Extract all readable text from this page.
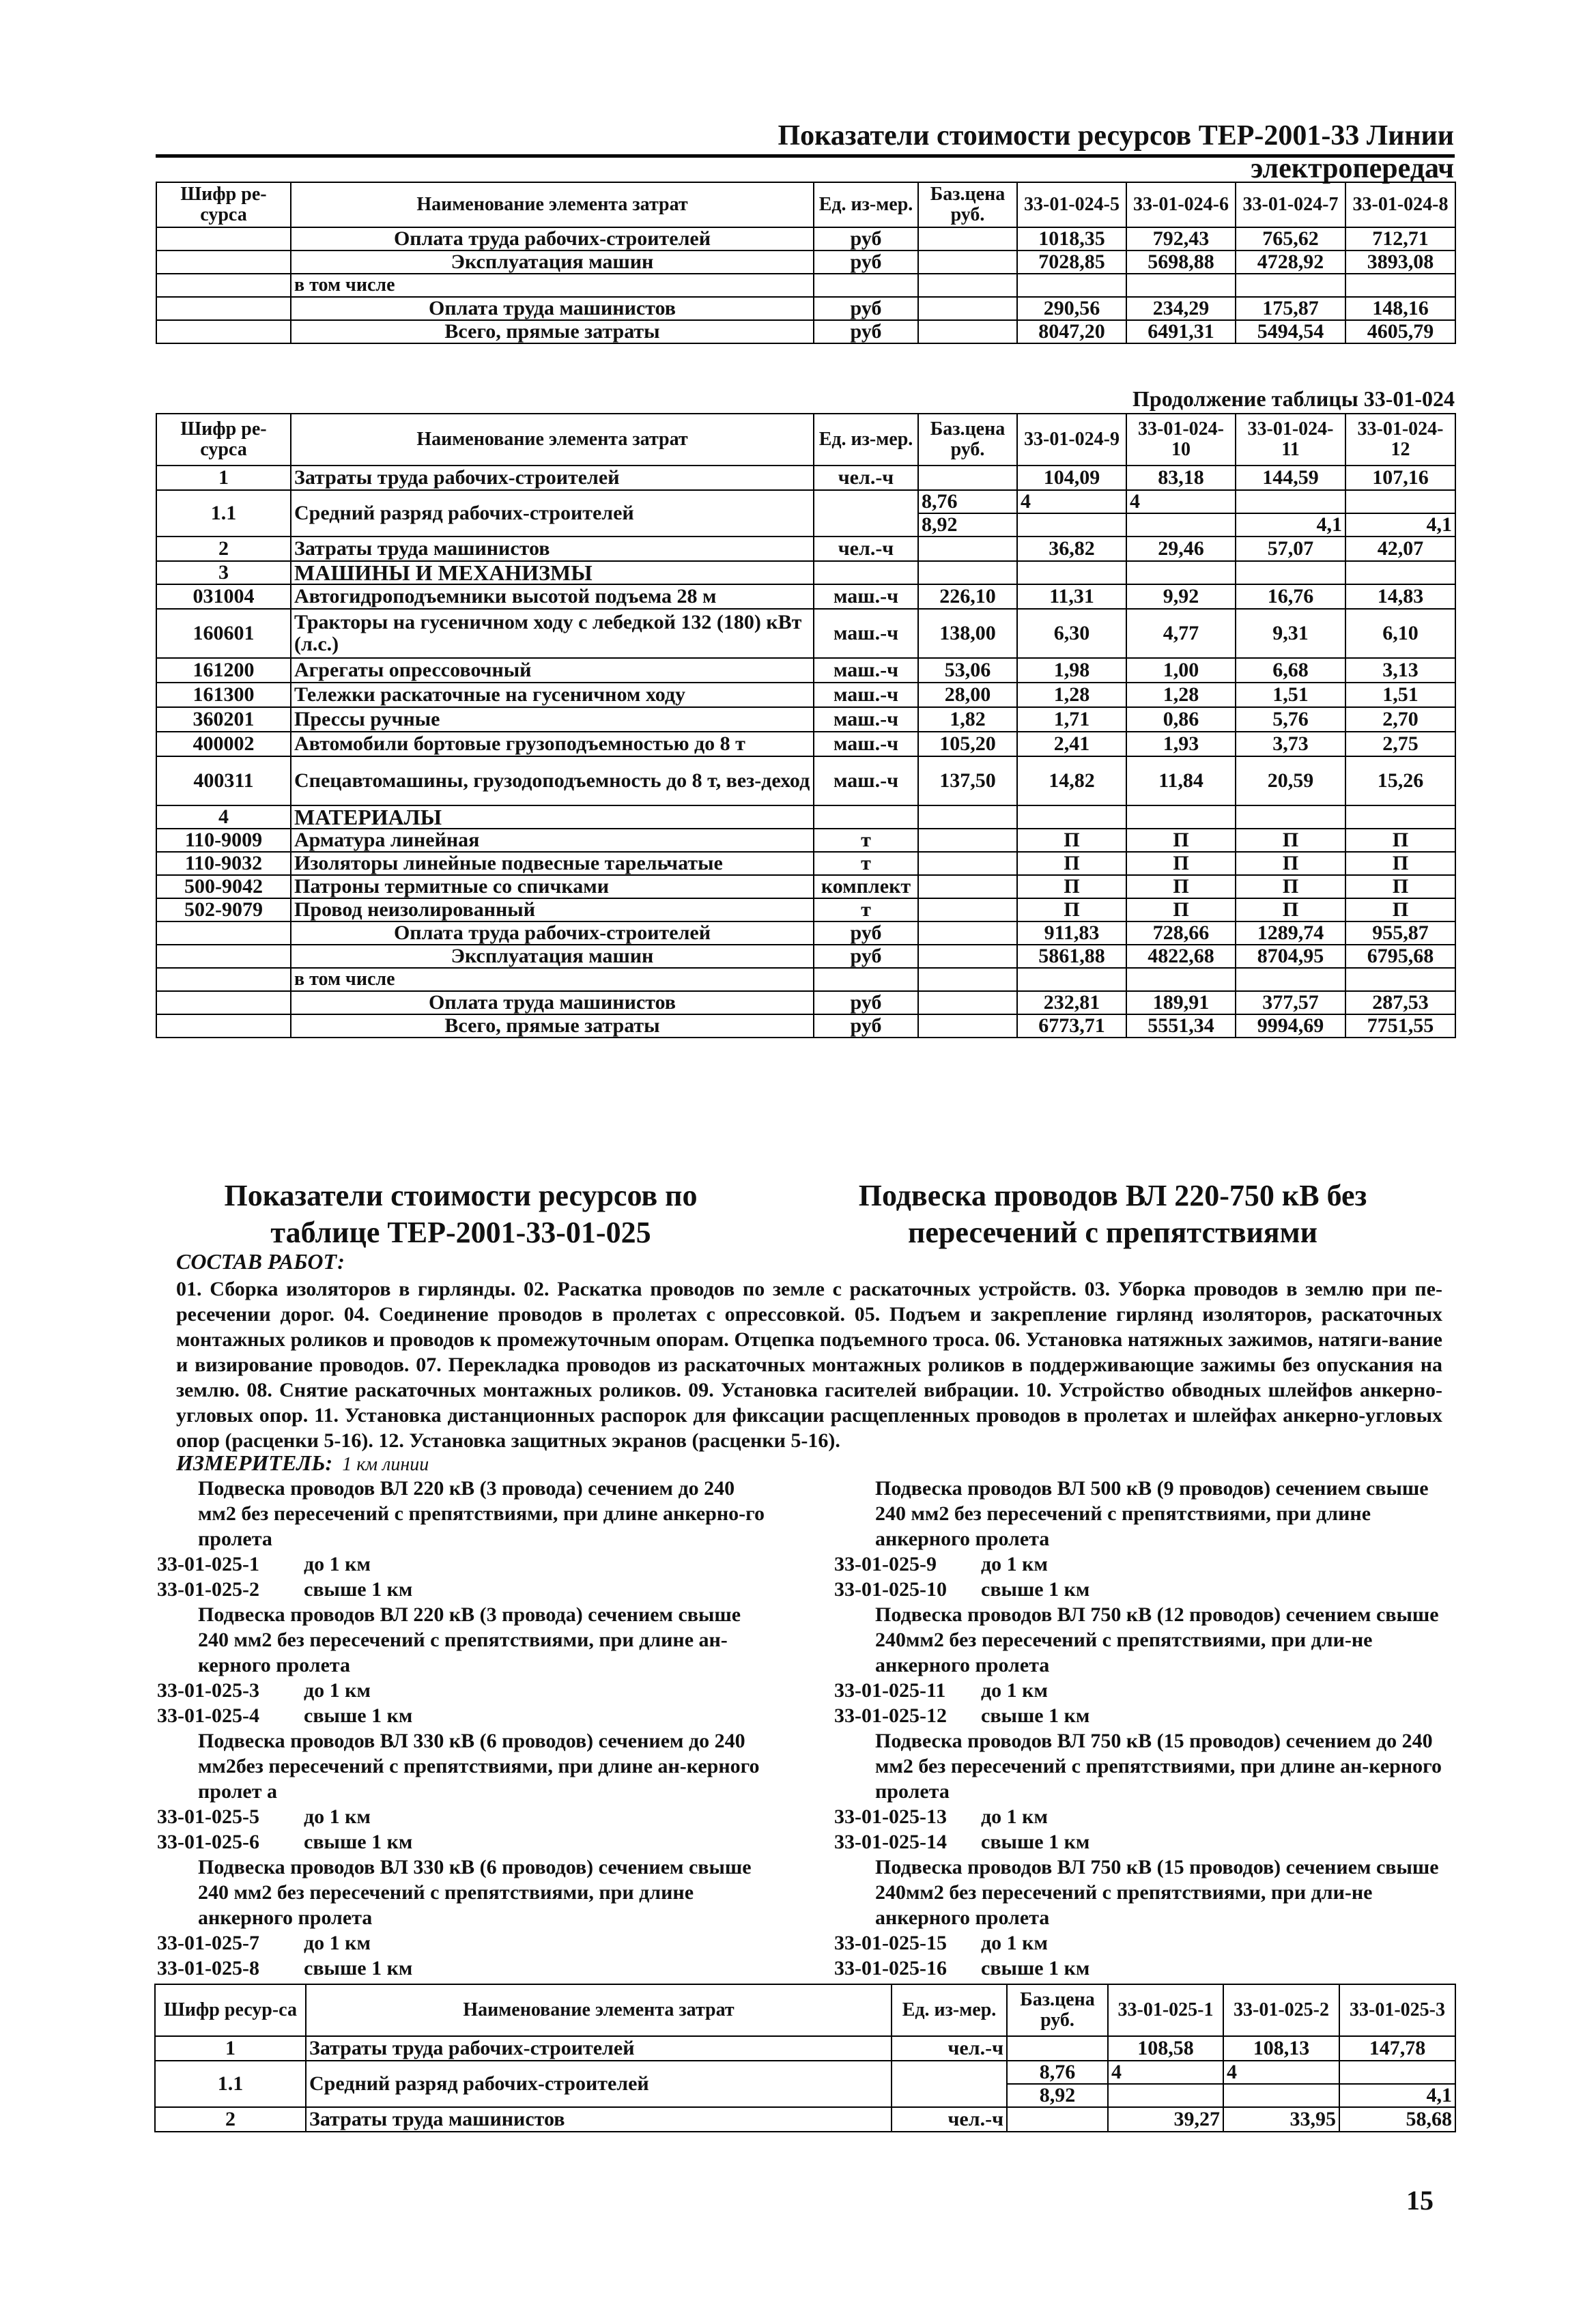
Показатели стоимости ресурсов ТЕР-2001-33 Линии электропередач
Шифр ре-сурса	Наименование элемента затрат	Ед. из-мер.	Баз.цена руб.	33-01-024-5	33-01-024-6	33-01-024-7	33-01-024-8
	Оплата труда рабочих-строителей	руб		1018,35	792,43	765,62	712,71
	Эксплуатация машин	руб		7028,85	5698,88	4728,92	3893,08
	в том числе						
	Оплата труда машинистов	руб		290,56	234,29	175,87	148,16
	Всего, прямые затраты	руб		8047,20	6491,31	5494,54	4605,79
Продолжение таблицы 33-01-024
Шифр ре-сурса	Наименование элемента затрат	Ед. из-мер.	Баз.цена руб.	33-01-024-9	33-01-024-10	33-01-024-11	33-01-024-12
1	Затраты труда рабочих-строителей	чел.-ч		104,09	83,18	144,59	107,16
1.1	Средний разряд рабочих-строителей		8,76	4	4		
			8,92			4,1	4,1
2	Затраты труда машинистов	чел.-ч		36,82	29,46	57,07	42,07
3	МАШИНЫ И МЕХАНИЗМЫ						
031004	Автогидроподъемники высотой подъема 28 м	маш.-ч	226,10	11,31	9,92	16,76	14,83
160601	Тракторы на гусеничном ходу с лебедкой 132 (180) кВт (л.с.)	маш.-ч	138,00	6,30	4,77	9,31	6,10
161200	Агрегаты опрессовочный	маш.-ч	53,06	1,98	1,00	6,68	3,13
161300	Тележки раскаточные на гусеничном ходу	маш.-ч	28,00	1,28	1,28	1,51	1,51
360201	Прессы ручные	маш.-ч	1,82	1,71	0,86	5,76	2,70
400002	Автомобили бортовые грузоподъемностью до 8 т	маш.-ч	105,20	2,41	1,93	3,73	2,75
400311	Спецавтомашины, грузодоподъемность до 8 т, вез-деход	маш.-ч	137,50	14,82	11,84	20,59	15,26
4	МАТЕРИАЛЫ						
110-9009	Арматура линейная	т		П	П	П	П
110-9032	Изоляторы линейные подвесные тарельчатые	т		П	П	П	П
500-9042	Патроны термитные со спичками	комплект		П	П	П	П
502-9079	Провод неизолированный	т		П	П	П	П
	Оплата труда рабочих-строителей	руб		911,83	728,66	1289,74	955,87
	Эксплуатация машин	руб		5861,88	4822,68	8704,95	6795,68
	в том числе						
	Оплата труда машинистов	руб		232,81	189,91	377,57	287,53
	Всего, прямые затраты	руб		6773,71	5551,34	9994,69	7751,55
Показатели стоимости ресурсов по таблице ТЕР-2001-33-01-025
Подвеска проводов ВЛ 220-750 кВ без пересечений с препятствиями
СОСТАВ РАБОТ:
01. Сборка изоляторов в гирлянды. 02. Раскатка проводов по земле с раскаточных устройств. 03. Уборка проводов в землю при пе-ресечении дорог. 04. Соединение проводов в пролетах с опрессовкой. 05. Подъем и закрепление гирлянд изоляторов, раскаточных монтажных роликов и проводов к промежуточным опорам. Отцепка подъемного троса. 06. Установка натяжных зажимов, натяги-вание и визирование проводов. 07. Перекладка проводов из раскаточных монтажных роликов в поддерживающие зажимы без опускания на землю. 08. Снятие раскаточных монтажных роликов. 09. Установка гасителей вибрации. 10. Устройство обводных шлейфов анкерно-угловых опор. 11. Установка дистанционных распорок для фиксации расщепленных проводов в пролетах и шлейфах анкерно-угловых опор (расценки 5-16). 12. Установка защитных экранов (расценки 5-16).
ИЗМЕРИТЕЛЬ: 1 км линии
Подвеска проводов ВЛ 220 кВ (3 провода) сечением до 240 мм2 без пересечений с препятствиями, при длине анкерно-го пролета
33-01-025-1	до 1 км
33-01-025-2	свыше 1 км
Подвеска проводов ВЛ 220 кВ (3 провода) сечением свыше 240 мм2 без пересечений с препятствиями, при длине ан-керного пролета
33-01-025-3	до 1 км
33-01-025-4	свыше 1 км
Подвеска проводов ВЛ 330 кВ (6 проводов) сечением до 240 мм2без пересечений с препятствиями, при длине ан-керного пролет а
33-01-025-5	до 1 км
33-01-025-6	свыше 1 км
Подвеска проводов ВЛ 330 кВ (6 проводов) сечением свыше 240 мм2 без пересечений с препятствиями, при длине анкерного пролета
33-01-025-7	до 1 км
33-01-025-8	свыше 1 км
Подвеска проводов ВЛ 500 кВ (9 проводов) сечением свыше 240 мм2 без пересечений с препятствиями, при длине анкерного пролета
33-01-025-9	до 1 км
33-01-025-10	свыше 1 км
Подвеска проводов ВЛ 750 кВ (12 проводов) сечением свыше 240мм2 без пересечений с препятствиями, при дли-не анкерного пролета
33-01-025-11	до 1 км
33-01-025-12	свыше 1 км
Подвеска проводов ВЛ 750 кВ (15 проводов) сечением до 240 мм2 без пересечений с препятствиями, при длине ан-керного пролета
33-01-025-13	до 1 км
33-01-025-14	свыше 1 км
Подвеска проводов ВЛ 750 кВ (15 проводов) сечением свыше 240мм2 без пересечений с препятствиями, при дли-не анкерного пролета
33-01-025-15	до 1 км
33-01-025-16	свыше 1 км
Шифр ресур-са	Наименование элемента затрат	Ед. из-мер.	Баз.цена руб.	33-01-025-1	33-01-025-2	33-01-025-3
1	Затраты труда рабочих-строителей	чел.-ч		108,58	108,13	147,78
1.1	Средний разряд рабочих-строителей		8,76	4	4	
			8,92			4,1
2	Затраты труда машинистов	чел.-ч		39,27	33,95	58,68
15
